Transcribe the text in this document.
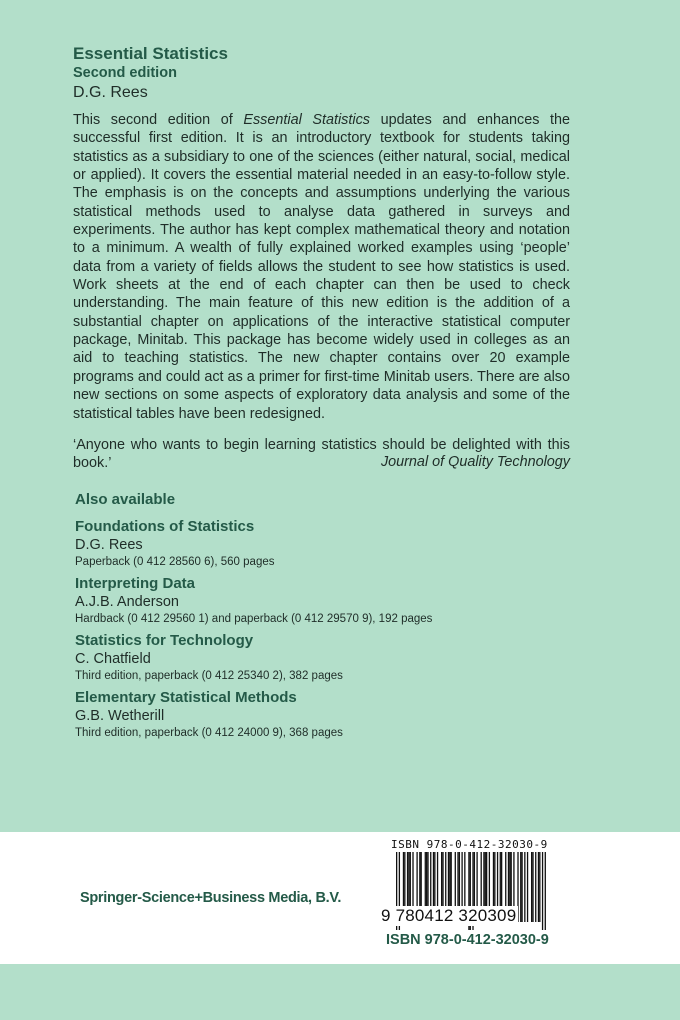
Essential Statistics
Second edition
D.G. Rees

This second edition of Essential Statistics updates and enhances the successful first edition. It is an introductory textbook for students taking statistics as a subsidiary to one of the sciences (either natural, social, medical or applied). It covers the essential material needed in an easy-to-follow style. The emphasis is on the concepts and assumptions underlying the various statistical methods used to analyse data gathered in surveys and experiments. The author has kept complex mathematical theory and notation to a minimum. A wealth of fully explained worked examples using ‘people’ data from a variety of fields allows the student to see how statistics is used. Work sheets at the end of each chapter can then be used to check understanding. The main feature of this new edition is the addition of a substantial chapter on applications of the interactive statistical computer package, Minitab. This package has become widely used in colleges as an aid to teaching statistics. The new chapter contains over 20 example programs and could act as a primer for first-time Minitab users. There are also new sections on some aspects of exploratory data analysis and some of the statistical tables have been redesigned.

‘Anyone who wants to begin learning statistics should be delighted with this book.’	Journal of Quality Technology
Also available
Foundations of Statistics
D.G. Rees
Paperback (0 412 28560 6), 560 pages
Interpreting Data
A.J.B. Anderson
Hardback (0 412 29560 1) and paperback (0 412 29570 9), 192 pages
Statistics for Technology
C. Chatfield
Third edition, paperback (0 412 25340 2), 382 pages
Elementary Statistical Methods
G.B. Wetherill
Third edition, paperback (0 412 24000 9), 368 pages
Springer-Science+Business Media, B.V.
ISBN 978-0-412-32030-9
9 780412 320309
ISBN 978-0-412-32030-9
